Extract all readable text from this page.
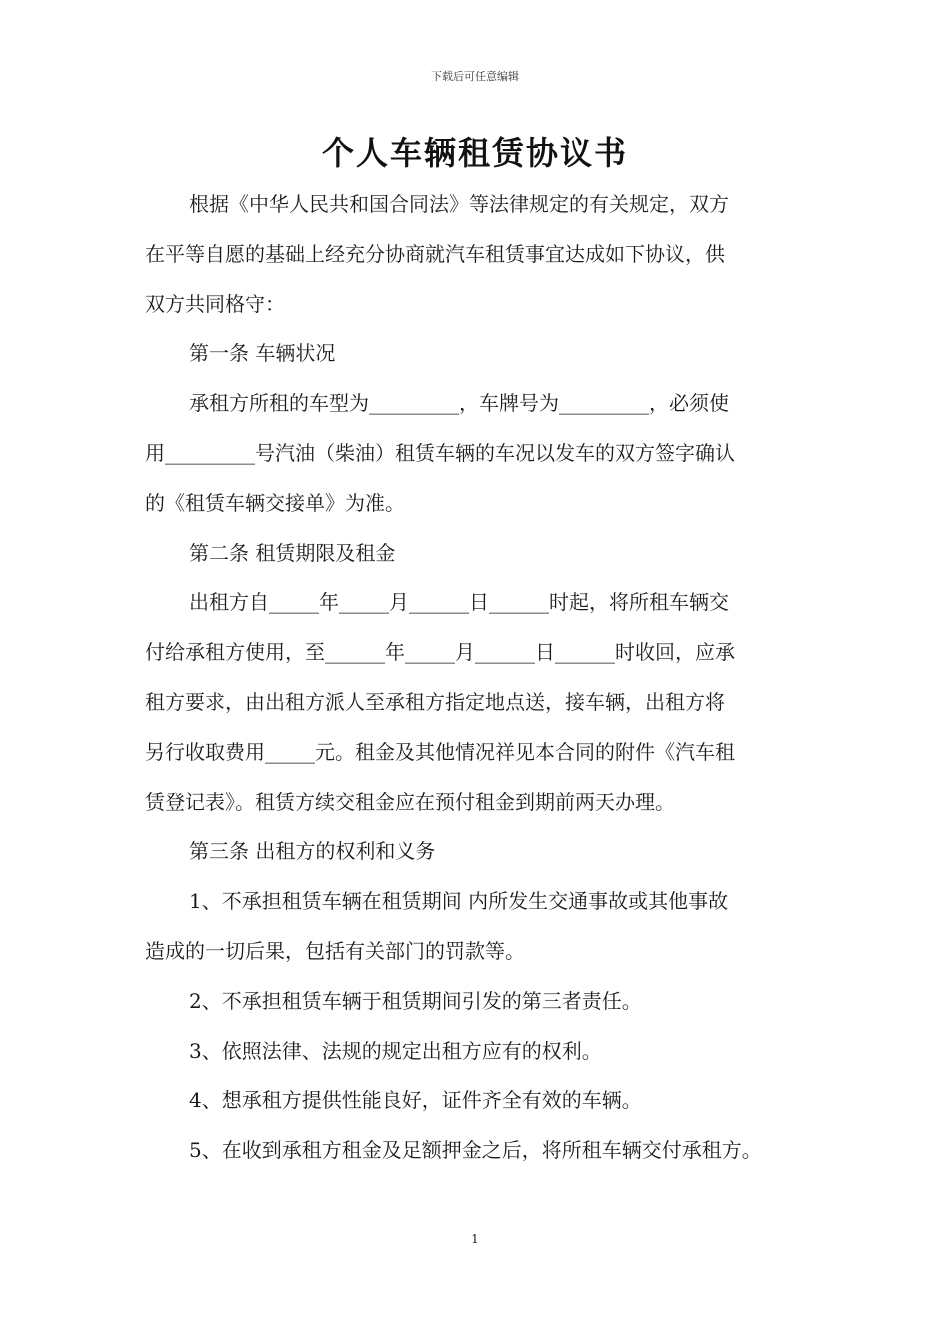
下载后可任意编辑
个人车辆租赁协议书

根据《中华人民共和国合同法》等法律规定的有关规定，双方

在平等自愿的基础上经充分协商就汽车租赁事宜达成如下协议，供

双方共同格守：

第一条 车辆状况

承租方所租的车型为_________，车牌号为_________，必须使

用_________号汽油（柴油）租赁车辆的车况以发车的双方签字确认

的《租赁车辆交接单》为准。

第二条 租赁期限及租金

出租方自_____年_____月______日______时起，将所租车辆交

付给承租方使用，至______年_____月______日______时收回，应承

租方要求，由出租方派人至承租方指定地点送，接车辆，出租方将

另行收取费用_____元。租金及其他情况祥见本合同的附件《汽车租

赁登记表》。租赁方续交租金应在预付租金到期前两天办理。

第三条 出租方的权利和义务

1、不承担租赁车辆在租赁期间 内所发生交通事故或其他事故

造成的一切后果，包括有关部门的罚款等。

2、不承担租赁车辆于租赁期间引发的第三者责任。

3、依照法律、法规的规定出租方应有的权利。

4、想承租方提供性能良好，证件齐全有效的车辆。

5、在收到承租方租金及足额押金之后，将所租车辆交付承租方。

1
